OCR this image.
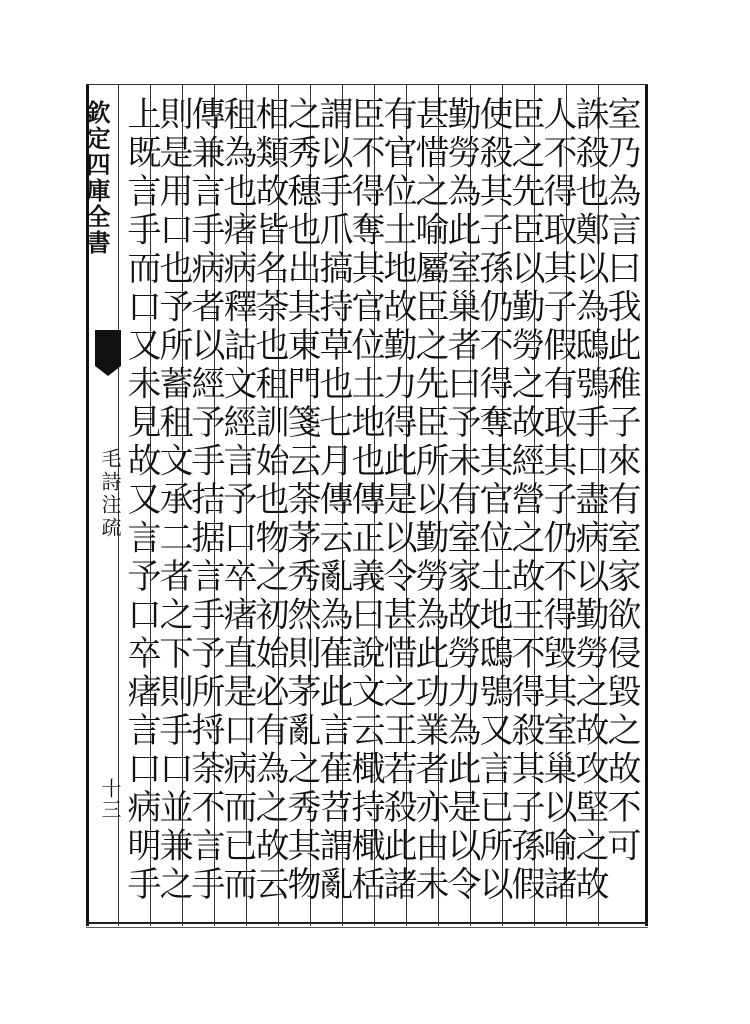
欽定四庫全書
毛詩注疏
十三	室乃為言曰我此稚子來有室家欲侵毀之故不可
誅殺也鄭以為鴟鴞手口盡病以勤勞之故攻堅之故
人不得取其子假有取其子仍不得毀其室巢以喻諸
臣之先臣以勤勞之故經營之故王不得殺其子孫假
使殺其子孫仍不得奪其官位土地鴟鴞又言已所以
勤勞為此室巢者曰予未有室家故勞力為此是以令
甚惜之喻屬臣之先臣所以勤勞為此功業者亦由未
有官位土地故勤力得此是以令甚惜之王若殺此諸
臣不得奪其官位土地也傳正義曰說文云檝持檝栝
謂以手爪搞持草也七月傳云亂為萑此言萑苕謂亂
之秀穗也出其東門箋云荼茅秀然則茅亂之秀其物
相類故皆名荼也租訓始也物之初始必有為之故云
租為也瘏病釋詁文經言予口卒瘏直是口病而已而
傳兼言手病者以經予手拮据言手予所捋荼不言手
則是用口也予所蓄租文承二者之下則手口並兼之
上既言手而口又未見故又言予口卒瘏言口病明手
